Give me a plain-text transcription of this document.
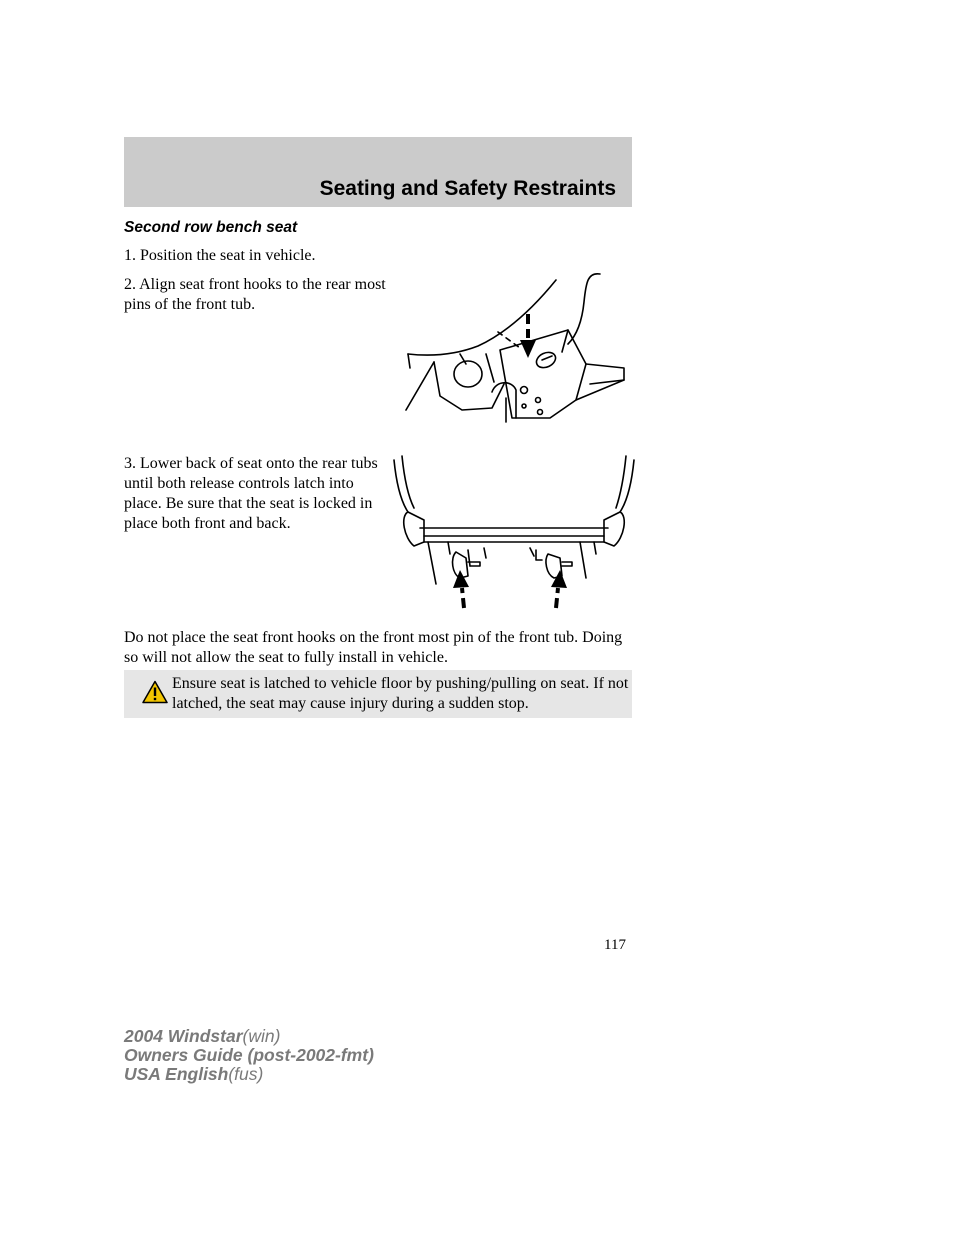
Seating and Safety Restraints
Second row bench seat
1. Position the seat in vehicle.
2. Align seat front hooks to the rear most pins of the front tub.
3. Lower back of seat onto the rear tubs until both release controls latch into place. Be sure that the seat is locked in place both front and back.
Do not place the seat front hooks on the front most pin of the front tub. Doing so will not allow the seat to fully install in vehicle.
Ensure seat is latched to vehicle floor by pushing/pulling on seat. If not latched, the seat may cause injury during a sudden stop.
117
2004 Windstar(win)
Owners Guide (post-2002-fmt)
USA English(fus)
